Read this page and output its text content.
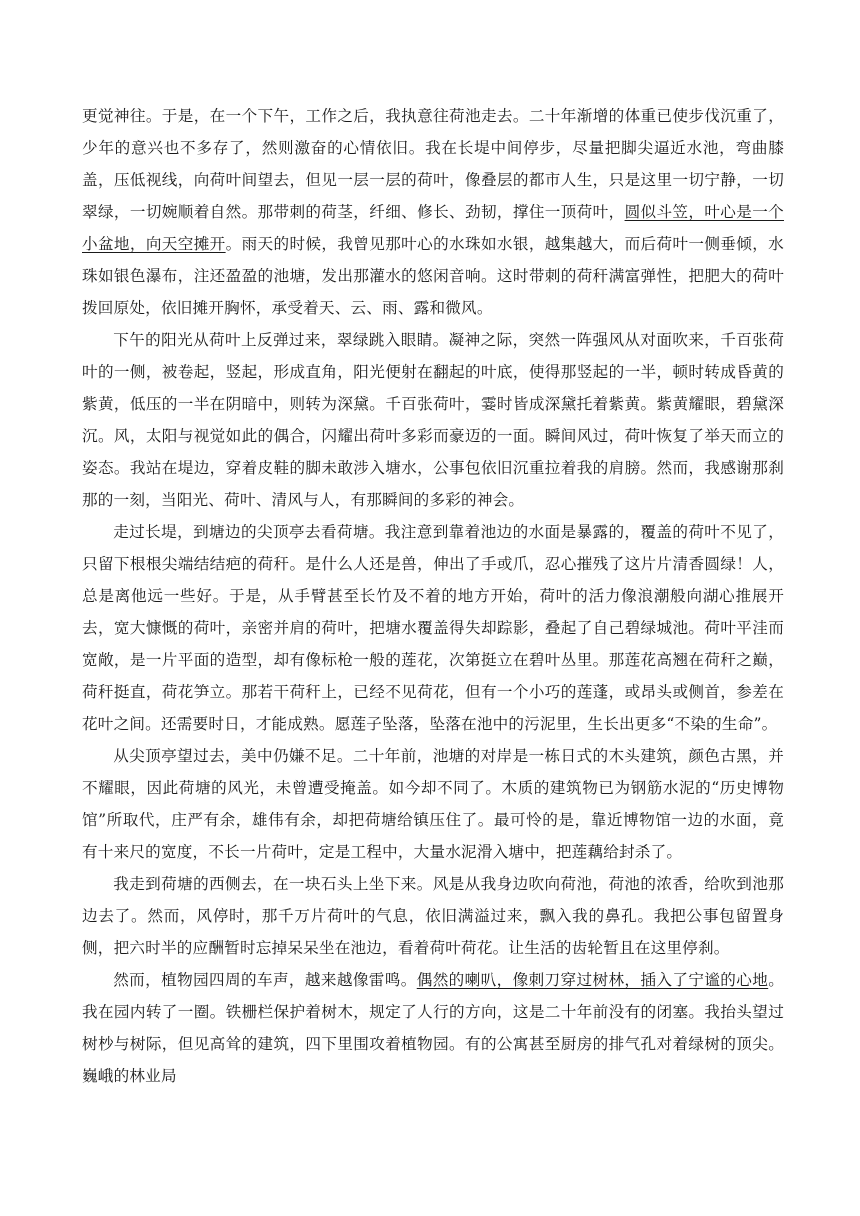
更觉神往。于是，在一个下午，工作之后，我执意往荷池走去。二十年渐增的体重已使步伐沉重了，少年的意兴也不多存了，然则激奋的心情依旧。我在长堤中间停步，尽量把脚尖逼近水池，弯曲膝盖，压低视线，向荷叶间望去，但见一层一层的荷叶，像叠层的都市人生，只是这里一切宁静，一切翠绿，一切婉顺着自然。那带刺的荷茎，纤细、修长、劲韧，撑住一顶荷叶，圆似斗笠，叶心是一个小盆地，向天空摊开。雨天的时候，我曾见那叶心的水珠如水银，越集越大，而后荷叶一侧垂倾，水珠如银色瀑布，注还盈盈的池塘，发出那灌水的悠闲音响。这时带刺的荷秆满富弹性，把肥大的荷叶拨回原处，依旧摊开胸怀，承受着天、云、雨、露和微风。

下午的阳光从荷叶上反弹过来，翠绿跳入眼睛。凝神之际，突然一阵强风从对面吹来，千百张荷叶的一侧，被卷起，竖起，形成直角，阳光便射在翻起的叶底，使得那竖起的一半，顿时转成昏黄的紫黄，低压的一半在阴暗中，则转为深黛。千百张荷叶，霎时皆成深黛托着紫黄。紫黄耀眼，碧黛深沉。风，太阳与视觉如此的偶合，闪耀出荷叶多彩而豪迈的一面。瞬间风过，荷叶恢复了举天而立的姿态。我站在堤边，穿着皮鞋的脚未敢涉入塘水，公事包依旧沉重拉着我的肩膀。然而，我感谢那刹那的一刻，当阳光、荷叶、清风与人，有那瞬间的多彩的神会。

走过长堤，到塘边的尖顶亭去看荷塘。我注意到靠着池边的水面是暴露的，覆盖的荷叶不见了，只留下根根尖端结结疤的荷秆。是什么人还是兽，伸出了手或爪，忍心摧残了这片片清香圆绿！人，总是离他远一些好。于是，从手臂甚至长竹及不着的地方开始，荷叶的活力像浪潮般向湖心推展开去，宽大慷慨的荷叶，亲密并肩的荷叶，把塘水覆盖得失却踪影，叠起了自己碧绿城池。荷叶平洼而宽敞，是一片平面的造型，却有像标枪一般的莲花，次第挺立在碧叶丛里。那莲花高翘在荷秆之巅，荷秆挺直，荷花笋立。那若干荷秆上，已经不见荷花，但有一个小巧的莲蓬，或昂头或侧首，参差在花叶之间。还需要时日，才能成熟。愿莲子坠落，坠落在池中的污泥里，生长出更多“不染的生命”。

从尖顶亭望过去，美中仍嫌不足。二十年前，池塘的对岸是一栋日式的木头建筑，颜色古黑，并不耀眼，因此荷塘的风光，未曾遭受掩盖。如今却不同了。木质的建筑物已为钢筋水泥的“历史博物馆”所取代，庄严有余，雄伟有余，却把荷塘给镇压住了。最可怜的是，靠近博物馆一边的水面，竟有十来尺的宽度，不长一片荷叶，定是工程中，大量水泥滑入塘中，把莲藕给封杀了。

我走到荷塘的西侧去，在一块石头上坐下来。风是从我身边吹向荷池，荷池的浓香，给吹到池那边去了。然而，风停时，那千万片荷叶的气息，依旧满溢过来，飘入我的鼻孔。我把公事包留置身侧，把六时半的应酬暂时忘掉呆呆坐在池边，看着荷叶荷花。让生活的齿轮暂且在这里停刹。

然而，植物园四周的车声，越来越像雷鸣。偶然的喇叭，像刺刀穿过树林，插入了宁谧的心地。我在园内转了一圈。铁栅栏保护着树木，规定了人行的方向，这是二十年前没有的闭塞。我抬头望过树杪与树际，但见高耸的建筑，四下里围攻着植物园。有的公寓甚至厨房的排气孔对着绿树的顶尖。巍峨的林业局
